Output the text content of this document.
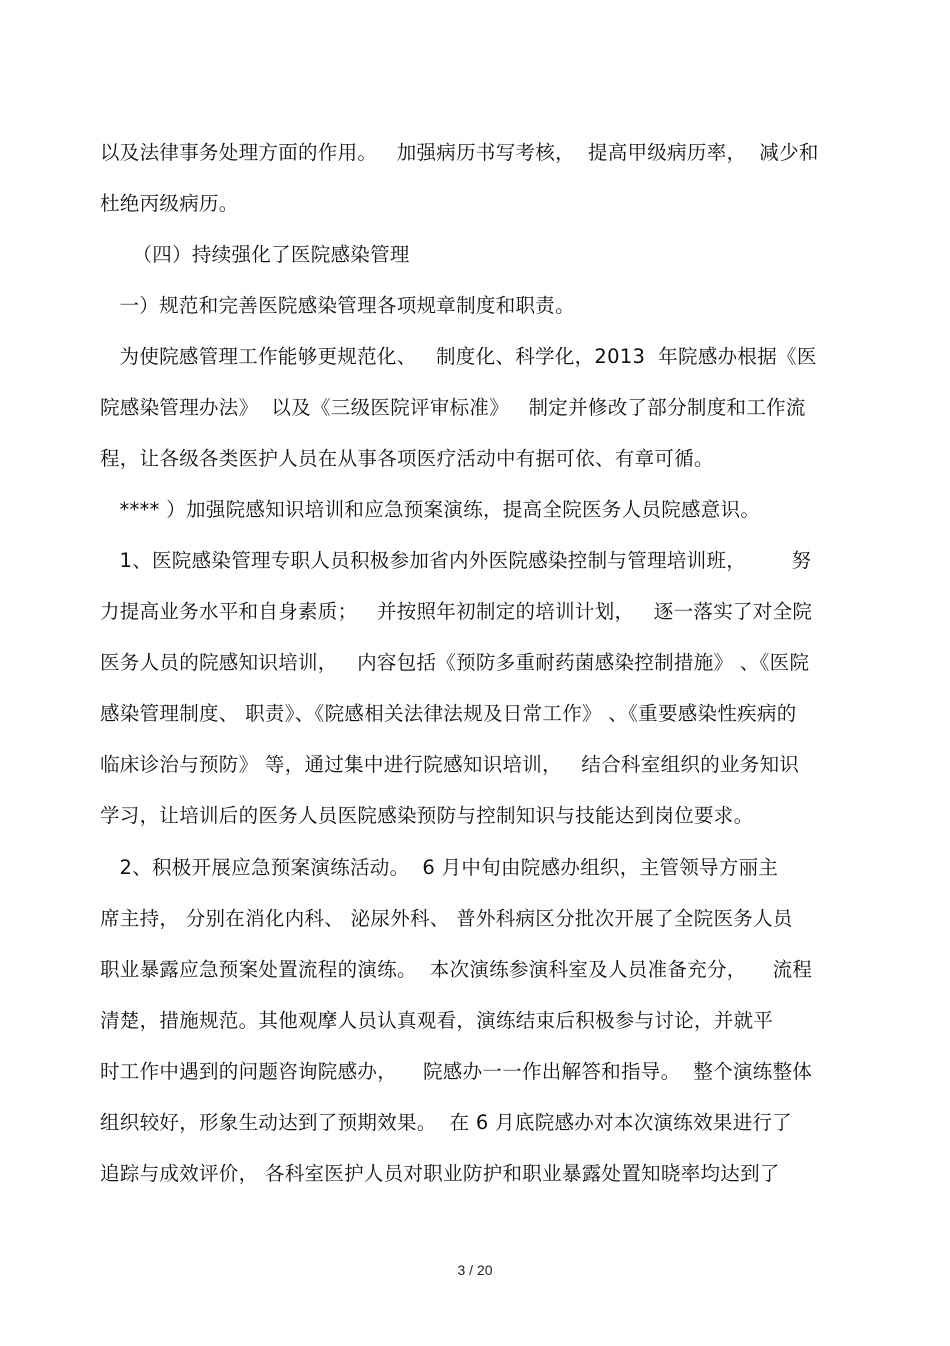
以及法律事务处理方面的作用。   加强病历书写考核，  提高甲级病历率，  减少和
杜绝丙级病历。
（四）持续强化了医院感染管理
一）规范和完善医院感染管理各项规章制度和职责。
为使院感管理工作能够更规范化、   制度化、科学化，2013  年院感办根据《医
院感染管理办法》  以及《三级医院评审标准》   制定并修改了部分制度和工作流
程，让各级各类医护人员在从事各项医疗活动中有据可依、有章可循。
**** ）加强院感知识培训和应急预案演练，提高全院医务人员院感意识。
1、医院感染管理专职人员积极参加省内外医院感染控制与管理培训班，       努
力提高业务水平和自身素质；   并按照年初制定的培训计划，   逐一落实了对全院
医务人员的院感知识培训，   内容包括《预防多重耐药菌感染控制措施》 、《医院
感染管理制度、 职责》、《院感相关法律法规及日常工作》 、《重要感染性疾病的
临床诊治与预防》 等，通过集中进行院感知识培训，   结合科室组织的业务知识
学习，让培训后的医务人员医院感染预防与控制知识与技能达到岗位要求。
2、积极开展应急预案演练活动。  6 月中旬由院感办组织，主管领导方丽主
席主持， 分别在消化内科、 泌尿外科、 普外科病区分批次开展了全院医务人员
职业暴露应急预案处置流程的演练。  本次演练参演科室及人员准备充分，    流程
清楚，措施规范。其他观摩人员认真观看，演练结束后积极参与讨论，并就平
时工作中遇到的问题咨询院感办，    院感办一一作出解答和指导。  整个演练整体
组织较好，形象生动达到了预期效果。  在 6 月底院感办对本次演练效果进行了
追踪与成效评价， 各科室医护人员对职业防护和职业暴露处置知晓率均达到了
3 / 20
